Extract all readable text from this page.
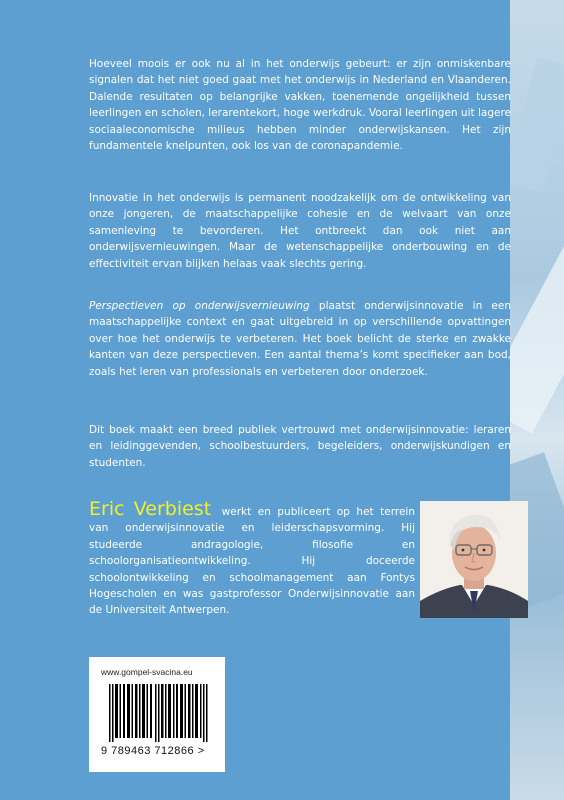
Hoeveel moois er ook nu al in het onderwijs gebeurt: er zijn onmiskenbare signalen dat het niet goed gaat met het onderwijs in Nederland en Vlaanderen. Dalende resultaten op belangrijke vakken, toenemende ongelijkheid tussen leerlingen en scholen, lerarentekort, hoge werkdruk. Vooral leerlingen uit lagere sociaaleconomische milieus hebben minder onderwijskansen. Het zijn fundamentele knelpunten, ook los van de coronapandemie.

Innovatie in het onderwijs is permanent noodzakelijk om de ontwikkeling van onze jongeren, de maatschappelijke cohesie en de welvaart van onze samenleving te bevorderen. Het ontbreekt dan ook niet aan onderwijsvernieuwingen. Maar de wetenschappelijke onderbouwing en de effectiviteit ervan blijken helaas vaak slechts gering.

Perspectieven op onderwijsvernieuwing plaatst onderwijsinnovatie in een maatschappelijke context en gaat uitgebreid in op verschillende opvattingen over hoe het onderwijs te verbeteren. Het boek belicht de sterke en zwakke kanten van deze perspectieven. Een aantal thema’s komt specifieker aan bod, zoals het leren van professionals en verbeteren door onderzoek.

Dit boek maakt een breed publiek vertrouwd met onderwijsinnovatie: leraren en leidinggevenden, schoolbestuurders, begeleiders, onderwijskundigen en studenten.

Eric Verbiest werkt en publiceert op het terrein van onderwijsinnovatie en leiderschapsvorming. Hij studeerde andragologie, filosofie en schoolorganisatieontwikkeling. Hij doceerde schoolontwikkeling en schoolmanagement aan Fontys Hogescholen en was gastprofessor Onderwijsinnovatie aan de Universiteit Antwerpen.

www.gompel-svacina.eu
9 789463 712866 >
